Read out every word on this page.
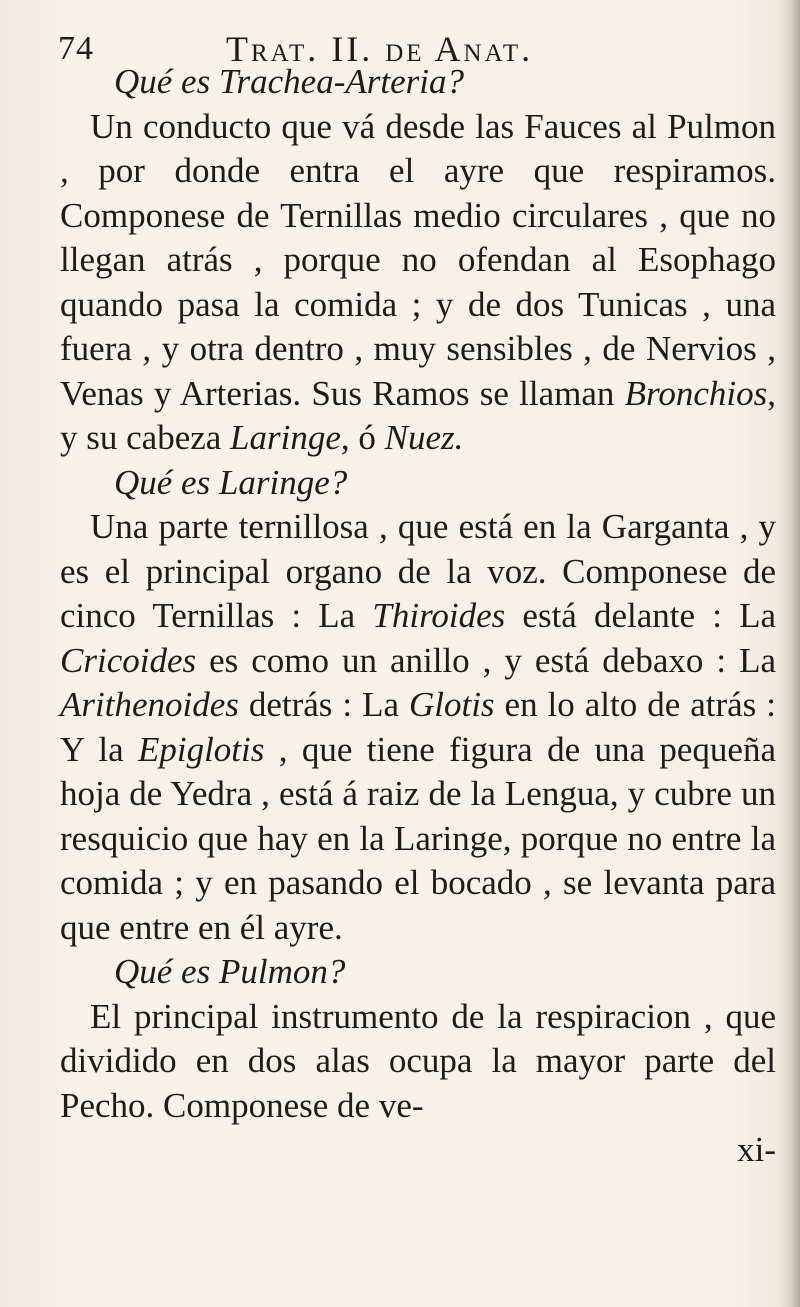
74	Trat. II. de Anat.
Qué es Trachea-Arteria?
Un conducto que vá desde las Fauces al Pulmon , por donde entra el ayre que respiramos. Componese de Ternillas medio circulares , que no llegan atrás , porque no ofendan al Esophago quando pasa la comida ; y de dos Tunicas , una fuera , y otra dentro , muy sensibles , de Nervios , Venas y Arterias. Sus Ramos se llaman Bronchios, y su cabeza Laringe, ó Nuez.
Qué es Laringe?
Una parte ternillosa , que está en la Garganta , y es el principal organo de la voz. Componese de cinco Ternillas : La Thiroides está delante : La Cricoides es como un anillo , y está debaxo : La Arithenoides detrás : La Glotis en lo alto de atrás : Y la Epiglotis , que tiene figura de una pequeña hoja de Yedra , está á raiz de la Lengua, y cubre un resquicio que hay en la Laringe, porque no entre la comida ; y en pasando el bocado , se levanta para que entre en él ayre.
Qué es Pulmon?
El principal instrumento de la respiracion , que dividido en dos alas ocupa la mayor parte del Pecho. Componese de ve-
xi-
